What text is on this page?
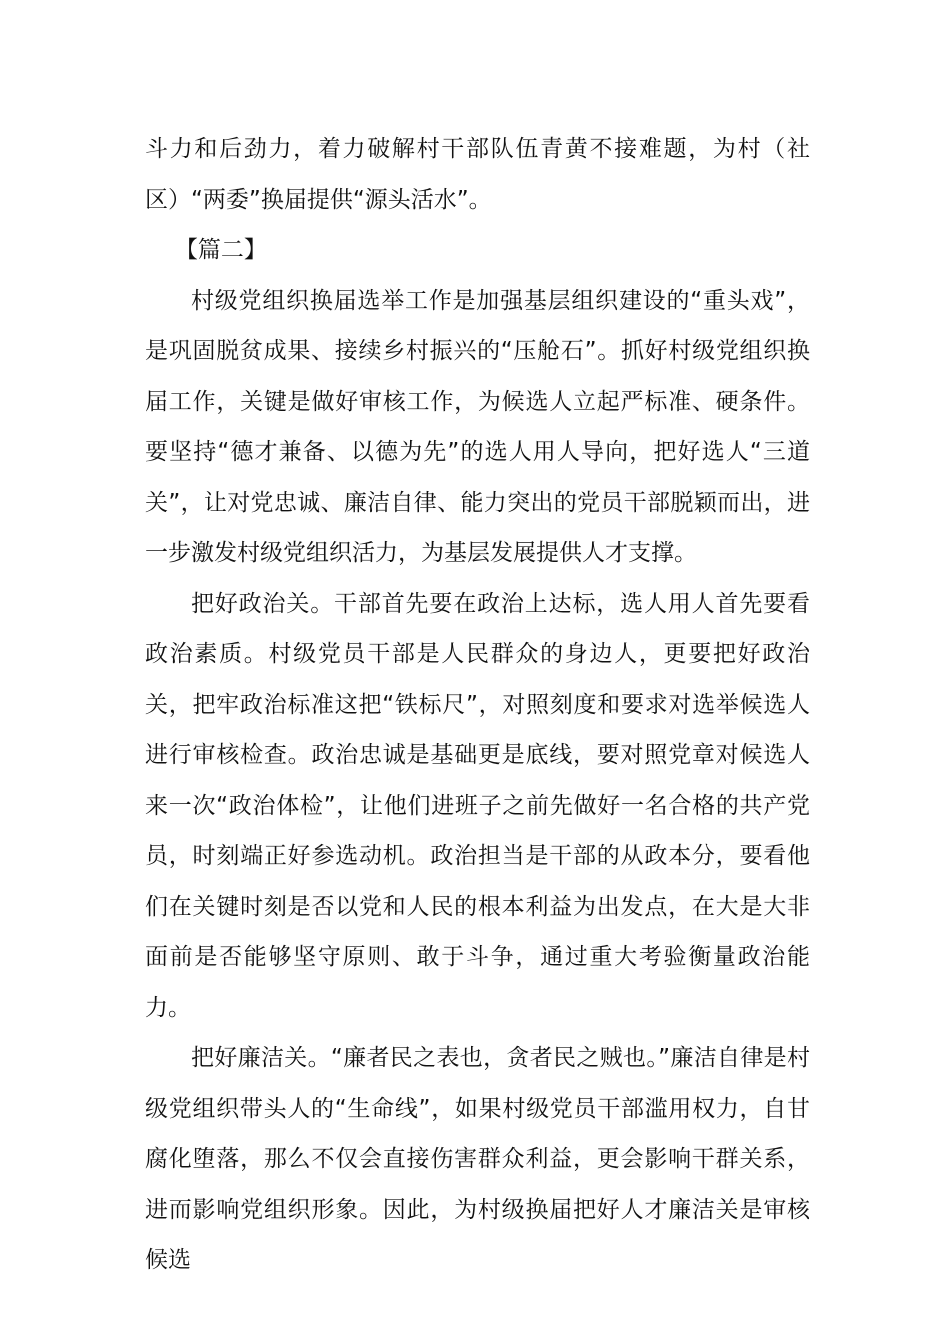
斗力和后劲力，着力破解村干部队伍青黄不接难题，为村（社区）“两委”换届提供“源头活水”。

【篇二】

村级党组织换届选举工作是加强基层组织建设的“重头戏”，是巩固脱贫成果、接续乡村振兴的“压舱石”。抓好村级党组织换届工作，关键是做好审核工作，为候选人立起严标准、硬条件。要坚持“德才兼备、以德为先”的选人用人导向，把好选人“三道关”，让对党忠诚、廉洁自律、能力突出的党员干部脱颖而出，进一步激发村级党组织活力，为基层发展提供人才支撑。

把好政治关。干部首先要在政治上达标，选人用人首先要看政治素质。村级党员干部是人民群众的身边人，更要把好政治关，把牢政治标准这把“铁标尺”，对照刻度和要求对选举候选人进行审核检查。政治忠诚是基础更是底线，要对照党章对候选人来一次“政治体检”，让他们进班子之前先做好一名合格的共产党员，时刻端正好参选动机。政治担当是干部的从政本分，要看他们在关键时刻是否以党和人民的根本利益为出发点，在大是大非面前是否能够坚守原则、敢于斗争，通过重大考验衡量政治能力。

把好廉洁关。“廉者民之表也，贪者民之贼也。”廉洁自律是村级党组织带头人的“生命线”，如果村级党员干部滥用权力，自甘腐化堕落，那么不仅会直接伤害群众利益，更会影响干群关系，进而影响党组织形象。因此，为村级换届把好人才廉洁关是审核候选
